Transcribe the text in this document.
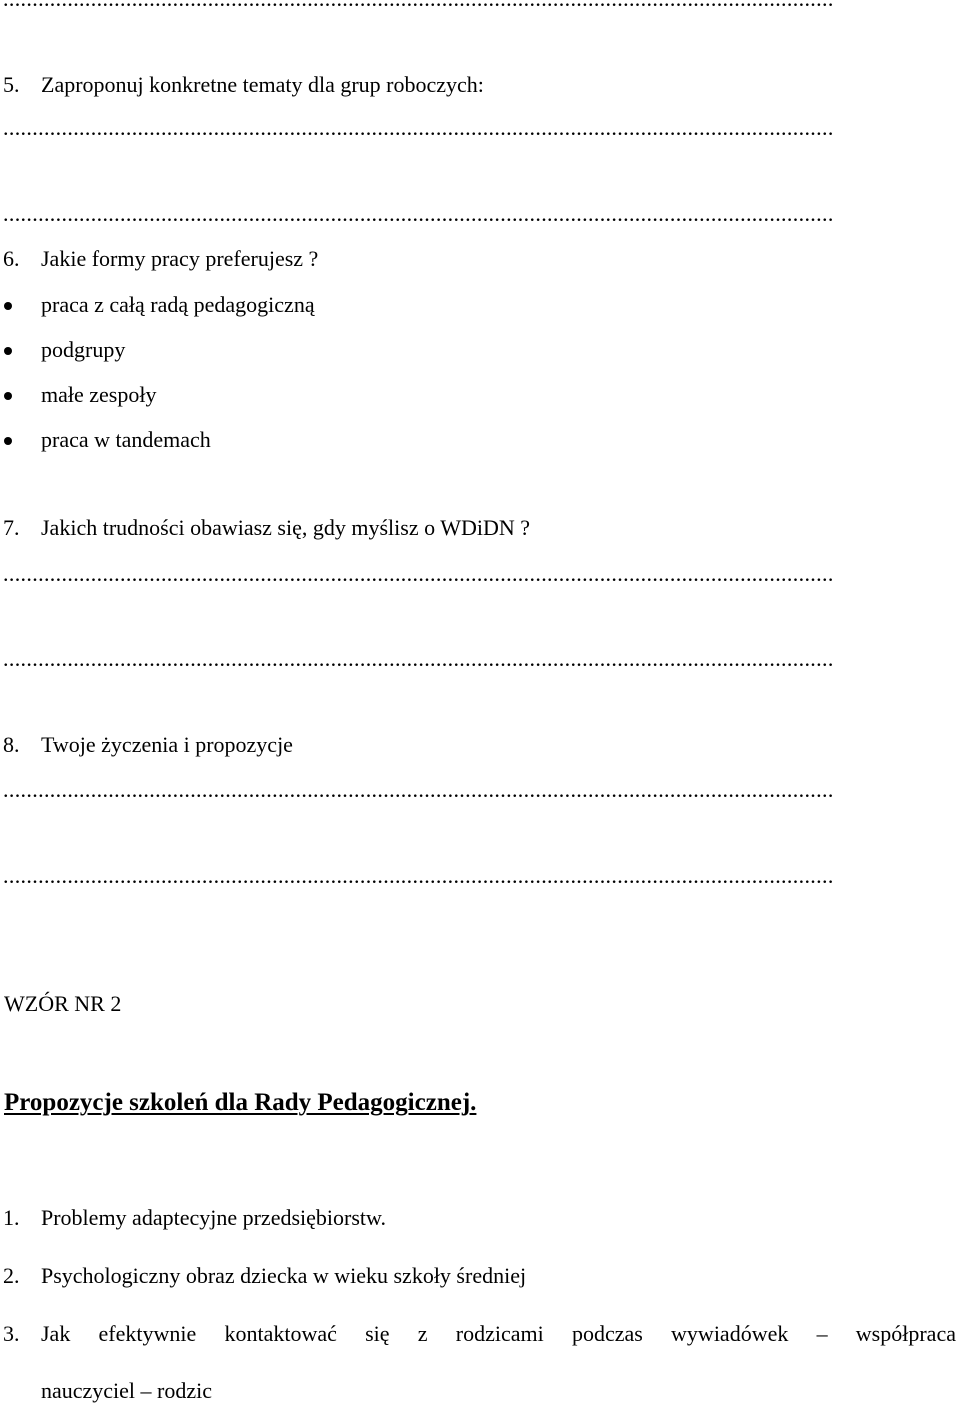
5. Zaproponuj konkretne tematy dla grup roboczych:
..............................................................................................................................................
..............................................................................................................................................
6. Jakie formy pracy preferujesz ?
praca z całą radą pedagogiczną
podgrupy
małe zespoły
praca w tandemach
7. Jakich trudności obawiasz się, gdy myślisz o WDiDN ?
..............................................................................................................................................
..............................................................................................................................................
8. Twoje życzenia i propozycje
..............................................................................................................................................
..............................................................................................................................................
WZÓR NR 2
Propozycje szkoleń dla Rady Pedagogicznej.
1. Problemy adaptecyjne przedsiębiorstw.
2. Psychologiczny obraz dziecka w wieku szkoły średniej
3. Jak efektywnie kontaktować się z rodzicami podczas wywiadówek – współpraca
nauczyciel – rodzic
